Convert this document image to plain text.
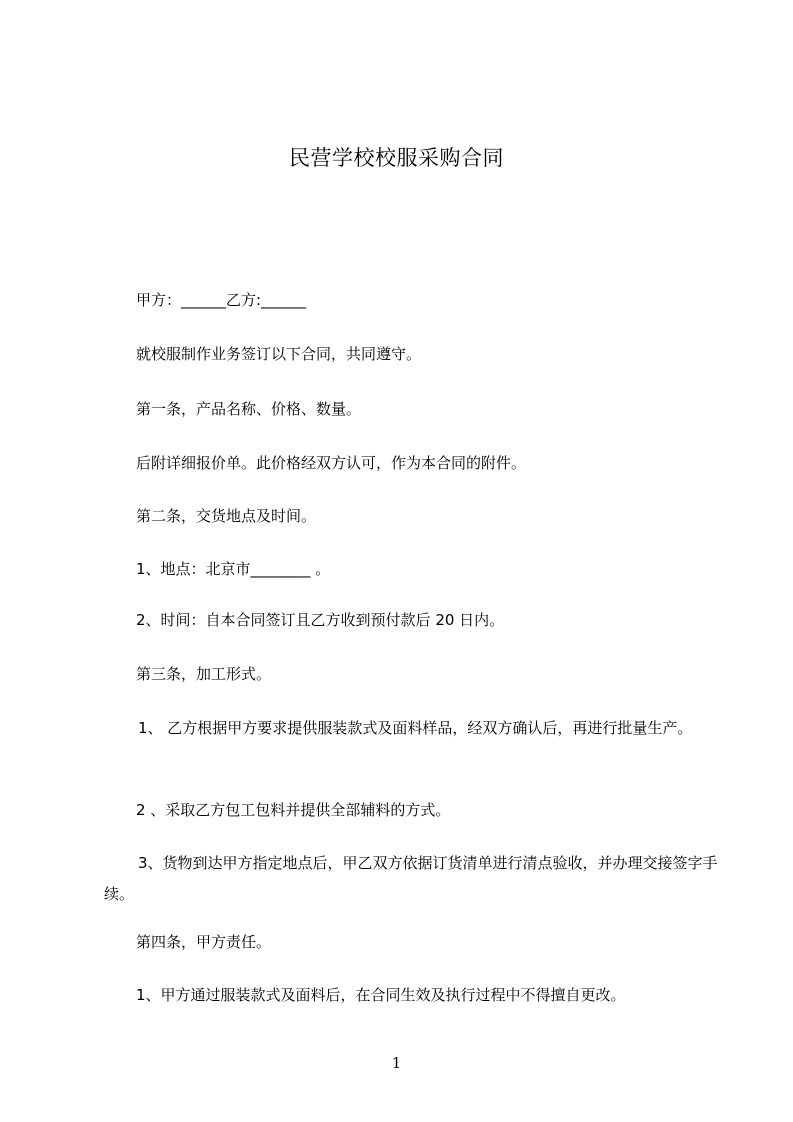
民营学校校服采购合同
甲方：______乙方:______
就校服制作业务签订以下合同，共同遵守。
第一条，产品名称、价格、数量。
后附详细报价单。此价格经双方认可，作为本合同的附件。
第二条，交货地点及时间。
1、地点：北京市________ 。
2、时间：自本合同签订且乙方收到预付款后 20 日内。
第三条，加工形式。
1、 乙方根据甲方要求提供服装款式及面料样品，经双方确认后，再进行批量生产。
2 、采取乙方包工包料并提供全部辅料的方式。
3、货物到达甲方指定地点后，甲乙双方依据订货清单进行清点验收，并办理交接签字手续。
第四条，甲方责任。
1、甲方通过服装款式及面料后，在合同生效及执行过程中不得擅自更改。
1
